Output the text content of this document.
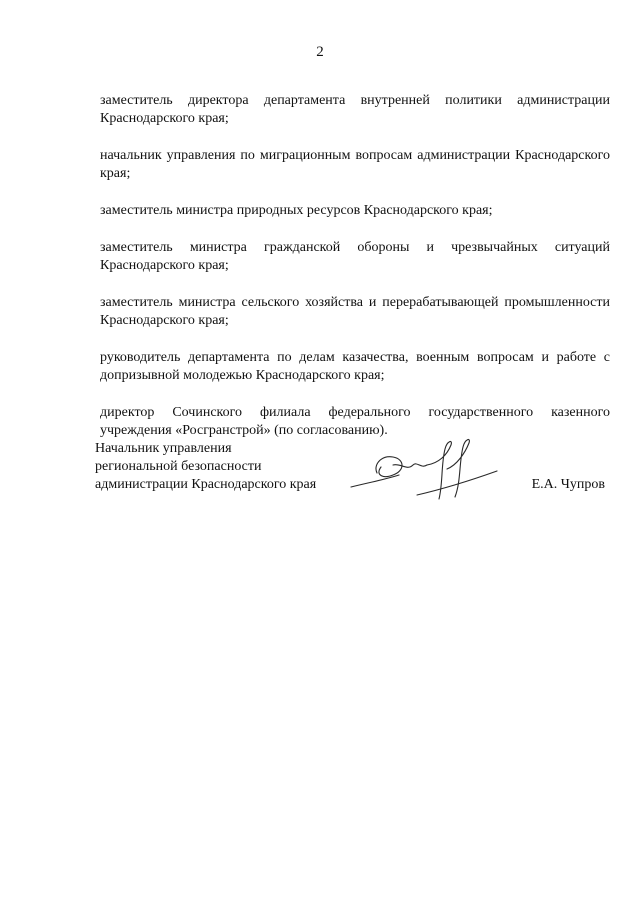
2

заместитель директора департамента внутренней политики администрации Краснодарского края;

начальник управления по миграционным вопросам администрации Краснодарского края;

заместитель министра природных ресурсов Краснодарского края;

заместитель министра гражданской обороны и чрезвычайных ситуаций Краснодарского края;

заместитель министра сельского хозяйства и перерабатывающей промышленности Краснодарского края;

руководитель департамента по делам казачества, военным вопросам и работе с допризывной молодежью Краснодарского края;

директор Сочинского филиала федерального государственного казенного учреждения «Росгранстрой» (по согласованию).

Начальник управления
региональной безопасности
администрации Краснодарского края	Е.А. Чупров
